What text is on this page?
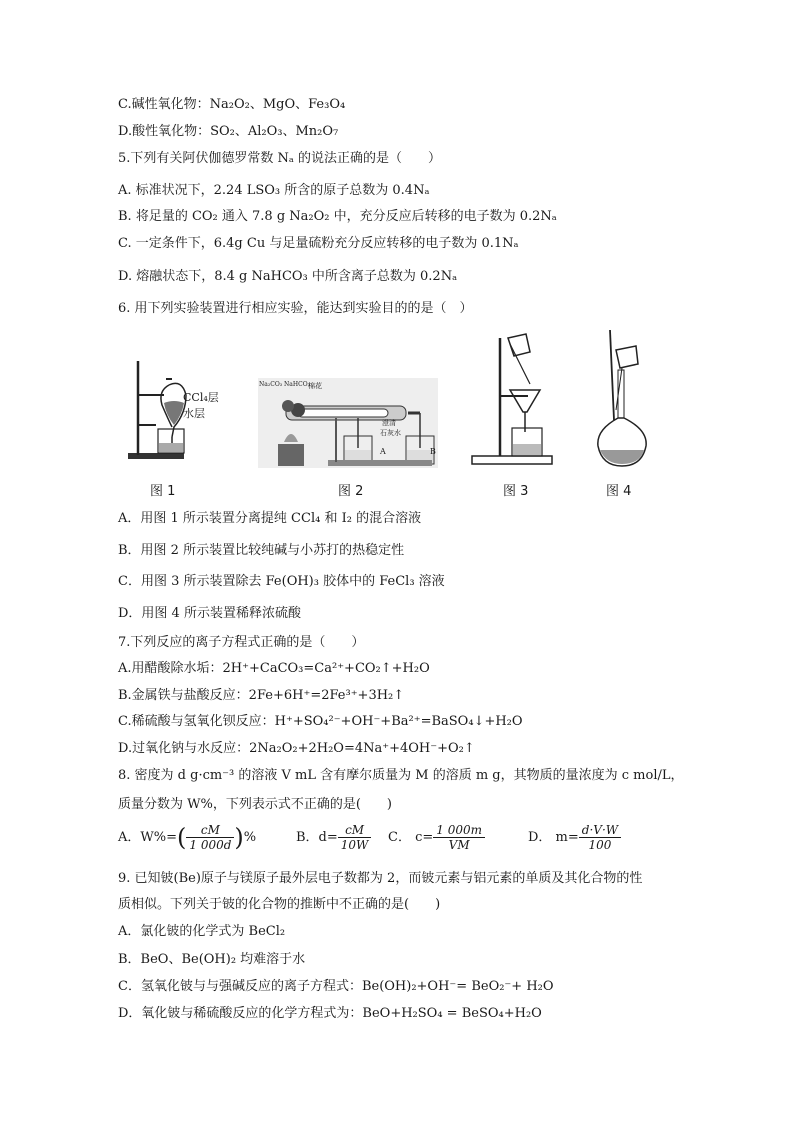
C.碱性氧化物：Na₂O₂、MgO、Fe₃O₄
D.酸性氧化物：SO₂、Al₂O₃、Mn₂O₇
5.下列有关阿伏伽德罗常数 Nₐ 的说法正确的是（　　）
A. 标准状况下，2.24 LSO₃ 所含的原子总数为 0.4Nₐ
B. 将足量的 CO₂ 通入 7.8 g Na₂O₂ 中，充分反应后转移的电子数为 0.2Nₐ
C. 一定条件下，6.4g Cu 与足量硫粉充分反应转移的电子数为 0.1Nₐ
D. 熔融状态下，8.4 g NaHCO₃ 中所含离子总数为 0.2Nₐ
6. 用下列实验装置进行相应实验，能达到实验目的的是（　）
CCl₄层
水层
Na₂CO₃ NaHCO₃
棉花
澄清
石灰水
A	B
图 1	图 2	图 3	图 4
A．用图 1 所示装置分离提纯 CCl₄ 和 I₂ 的混合溶液
B．用图 2 所示装置比较纯碱与小苏打的热稳定性
C．用图 3 所示装置除去 Fe(OH)₃ 胶体中的 FeCl₃ 溶液
D．用图 4 所示装置稀释浓硫酸
7.下列反应的离子方程式正确的是（　　）
A.用醋酸除水垢：2H⁺+CaCO₃=Ca²⁺+CO₂↑+H₂O
B.金属铁与盐酸反应：2Fe+6H⁺=2Fe³⁺+3H₂↑
C.稀硫酸与氢氧化钡反应：H⁺+SO₄²⁻+OH⁻+Ba²⁺=BaSO₄↓+H₂O
D.过氧化钠与水反应：2Na₂O₂+2H₂O=4Na⁺+4OH⁻+O₂↑
8. 密度为 d g·cm⁻³ 的溶液 V mL 含有摩尔质量为 M 的溶质 m g，其物质的量浓度为 c mol/L，
质量分数为 W%，下列表示式不正确的是(　　)
A．$W\%=( \frac{cM}{1 000d}$ )%	B．$d= \frac{cM}{10W}$ C． $c= \frac{1 000m}{VM}$	D． $m= \frac{d\cdot V\cdot W}{100}$
9. 已知铍(Be)原子与镁原子最外层电子数都为 2，而铍元素与铝元素的单质及其化合物的性
质相似。下列关于铍的化合物的推断中不正确的是(　　)
A．氯化铍的化学式为 BeCl₂
B．BeO、Be(OH)₂ 均难溶于水
C．氢氧化铍与与强碱反应的离子方程式：Be(OH)₂+OH⁻= BeO₂⁻+ H₂O
D．氧化铍与稀硫酸反应的化学方程式为：BeO+H₂SO₄ = BeSO₄+H₂O
